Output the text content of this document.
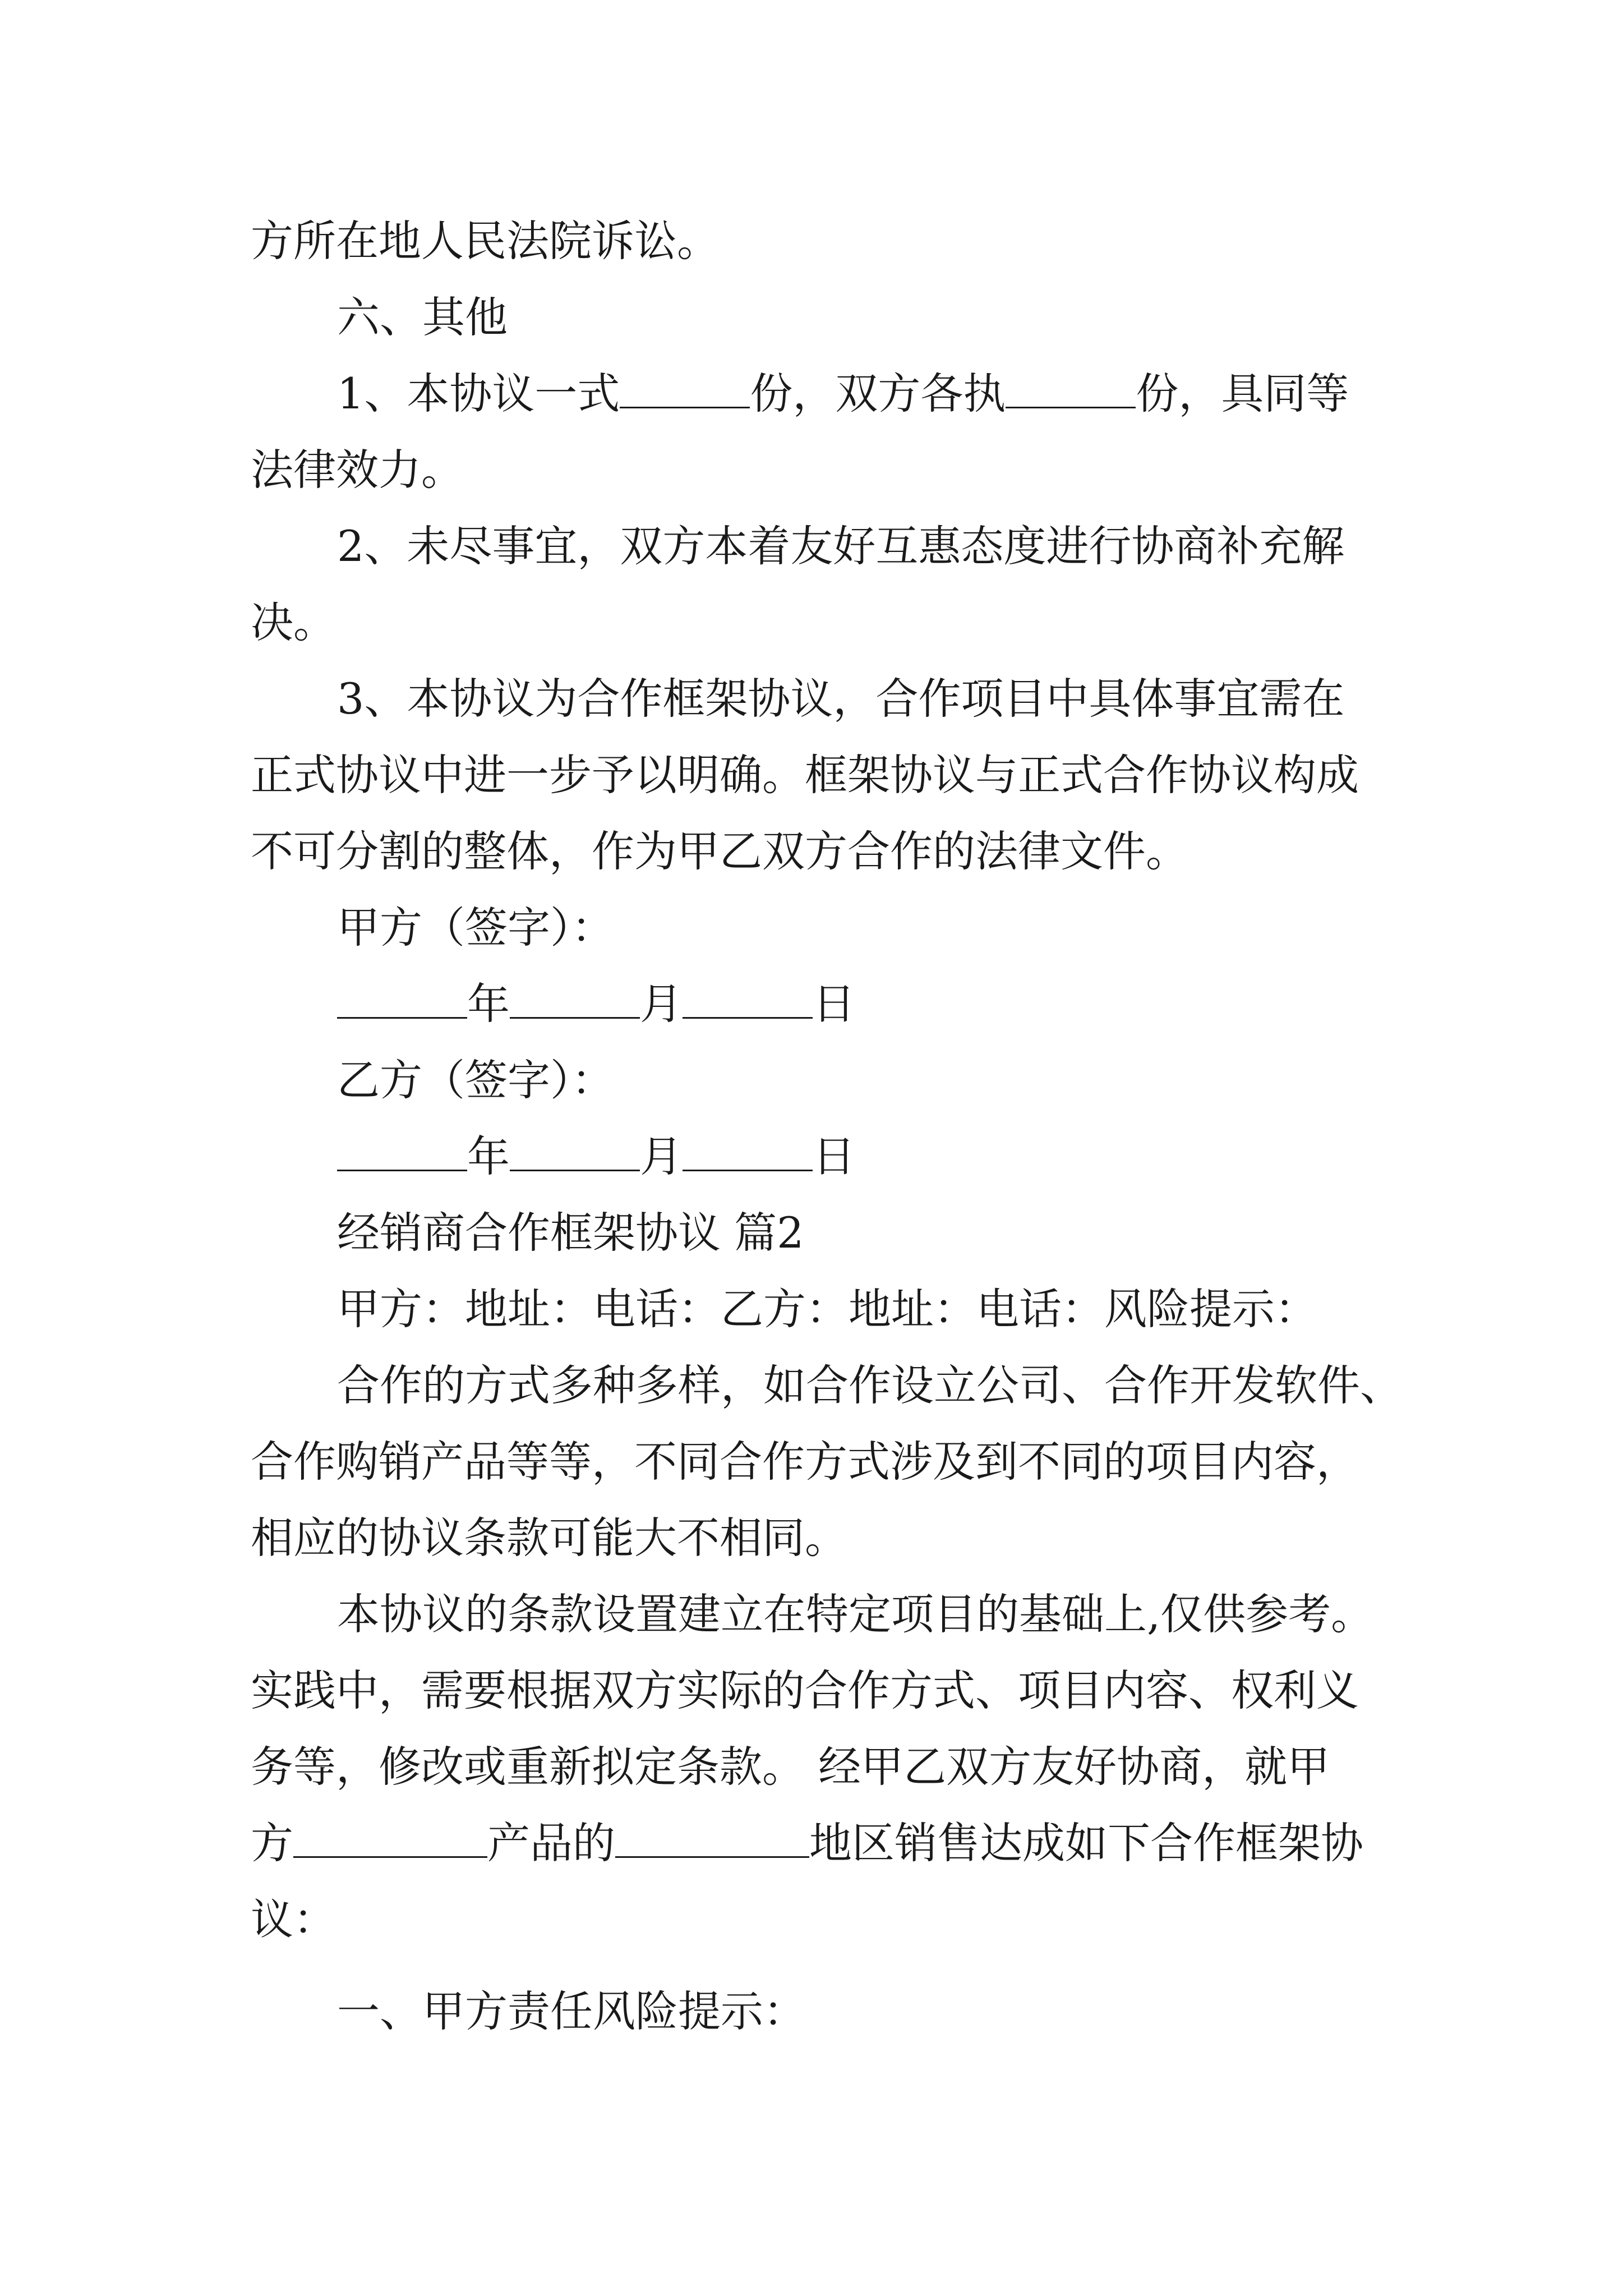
方所在地人民法院诉讼。
六、其他
1、本协议一式	份，双方各执	份，具同等
法律效力。
2、未尽事宜，双方本着友好互惠态度进行协商补充解
决。
3、本协议为合作框架协议，合作项目中具体事宜需在
正式协议中进一步予以明确。框架协议与正式合作协议构成
不可分割的整体，作为甲乙双方合作的法律文件。
甲方（签字）：
年	月	日
乙方（签字）：
年	月	日
经销商合作框架协议 篇2
甲方：地址：电话：乙方：地址：电话：风险提示：
合作的方式多种多样，如合作设立公司、合作开发软件、
合作购销产品等等，不同合作方式涉及到不同的项目内容，
相应的协议条款可能大不相同。
本协议的条款设置建立在特定项目的基础上,仅供参考。
实践中，需要根据双方实际的合作方式、项目内容、权利义
务等，修改或重新拟定条款。 经甲乙双方友好协商，就甲
方	产品的	地区销售达成如下合作框架协
议：
一、甲方责任风险提示：
